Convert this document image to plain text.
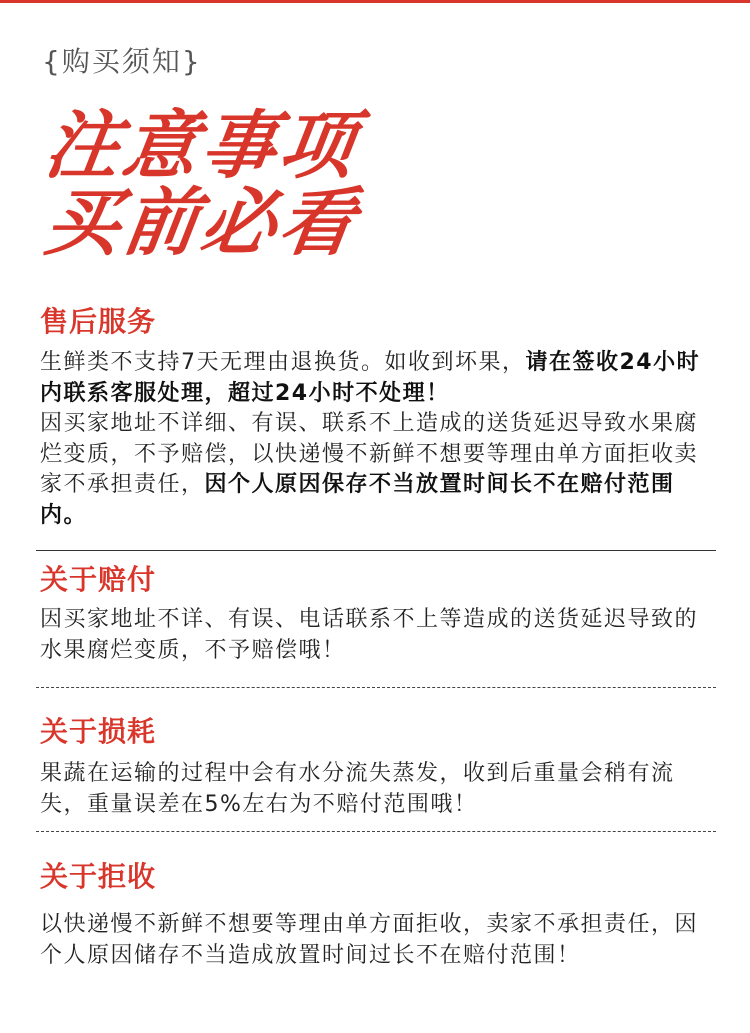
{购买须知}
注意事项
买前必看
售后服务

生鲜类不支持7天无理由退换货。如收到坏果，请在签收24小时内联系客服处理，超过24小时不处理！
因买家地址不详细、有误、联系不上造成的送货延迟导致水果腐烂变质，不予赔偿，以快递慢不新鲜不想要等理由单方面拒收卖家不承担责任，因个人原因保存不当放置时间长不在赔付范围内。

关于赔付

因买家地址不详、有误、电话联系不上等造成的送货延迟导致的水果腐烂变质，不予赔偿哦！

关于损耗

果蔬在运输的过程中会有水分流失蒸发，收到后重量会稍有流失，重量误差在5%左右为不赔付范围哦！

关于拒收

以快递慢不新鲜不想要等理由单方面拒收，卖家不承担责任，因个人原因储存不当造成放置时间过长不在赔付范围！
